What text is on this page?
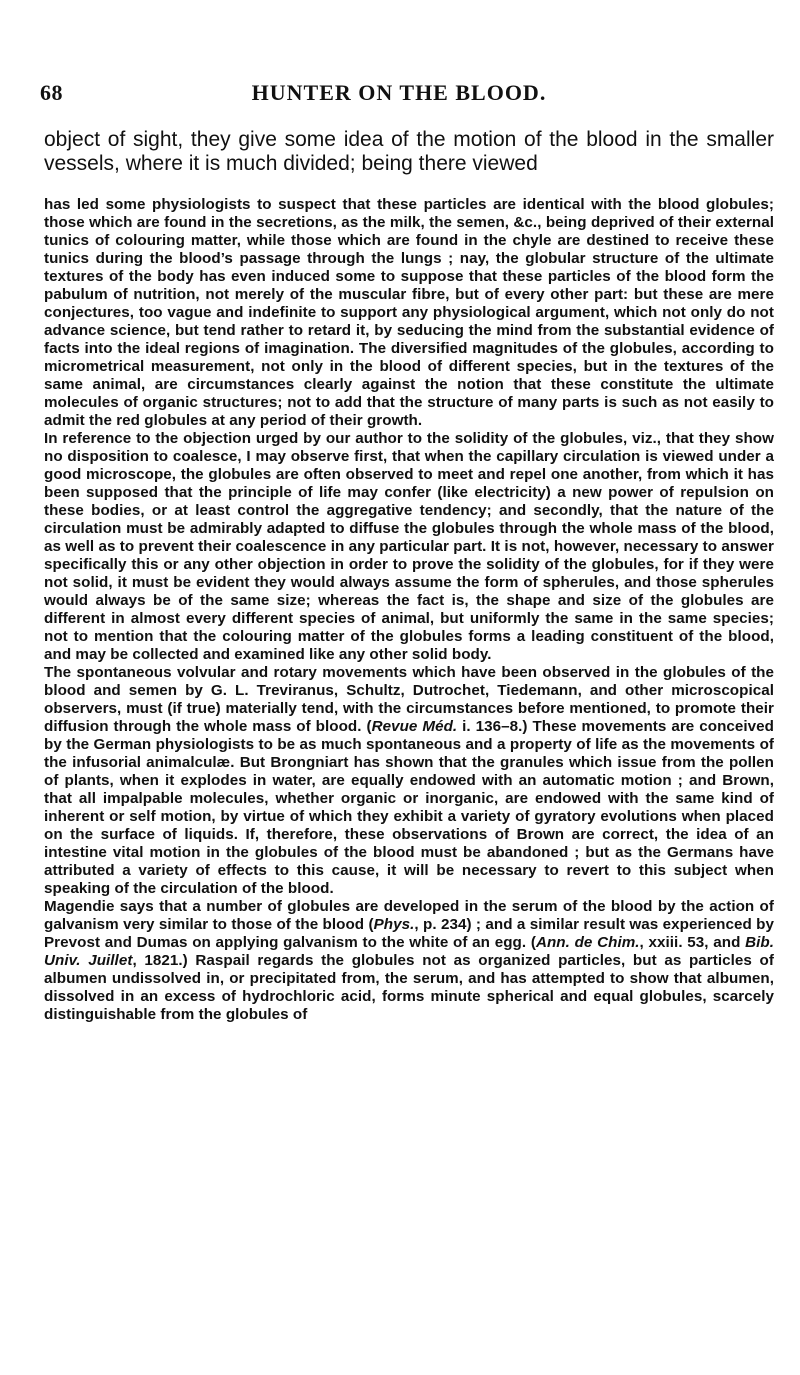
68	HUNTER ON THE BLOOD.

object of sight, they give some idea of the motion of the blood in the smaller vessels, where it is much divided; being there viewed

has led some physiologists to suspect that these particles are identical with the blood globules; those which are found in the secretions, as the milk, the semen, &c., being deprived of their external tunics of colouring matter, while those which are found in the chyle are destined to receive these tunics during the blood’s passage through the lungs ; nay, the globular structure of the ultimate textures of the body has even induced some to suppose that these particles of the blood form the pabulum of nutrition, not merely of the muscular fibre, but of every other part: but these are mere conjectures, too vague and indefinite to support any physiological argument, which not only do not advance science, but tend rather to retard it, by seducing the mind from the substantial evidence of facts into the ideal regions of imagination. The diversified magnitudes of the globules, according to micrometrical measurement, not only in the blood of different species, but in the textures of the same animal, are circumstances clearly against the notion that these constitute the ultimate molecules of organic structures; not to add that the structure of many parts is such as not easily to admit the red globules at any period of their growth.

In reference to the objection urged by our author to the solidity of the globules, viz., that they show no disposition to coalesce, I may observe first, that when the capillary circulation is viewed under a good microscope, the globules are often observed to meet and repel one another, from which it has been supposed that the principle of life may confer (like electricity) a new power of repulsion on these bodies, or at least control the aggregative tendency; and secondly, that the nature of the circulation must be admirably adapted to diffuse the globules through the whole mass of the blood, as well as to prevent their coalescence in any particular part. It is not, however, necessary to answer specifically this or any other objection in order to prove the solidity of the globules, for if they were not solid, it must be evident they would always assume the form of spherules, and those spherules would always be of the same size; whereas the fact is, the shape and size of the globules are different in almost every different species of animal, but uniformly the same in the same species; not to mention that the colouring matter of the globules forms a leading constituent of the blood, and may be collected and examined like any other solid body.

The spontaneous volvular and rotary movements which have been observed in the globules of the blood and semen by G. L. Treviranus, Schultz, Dutrochet, Tiedemann, and other microscopical observers, must (if true) materially tend, with the circumstances before mentioned, to promote their diffusion through the whole mass of blood. (Revue Méd. i. 136–8.) These movements are conceived by the German physiologists to be as much spontaneous and a property of life as the movements of the infusorial animalculæ. But Brongniart has shown that the granules which issue from the pollen of plants, when it explodes in water, are equally endowed with an automatic motion ; and Brown, that all impalpable molecules, whether organic or inorganic, are endowed with the same kind of inherent or self motion, by virtue of which they exhibit a variety of gyratory evolutions when placed on the surface of liquids. If, therefore, these observations of Brown are correct, the idea of an intestine vital motion in the globules of the blood must be abandoned ; but as the Germans have attributed a variety of effects to this cause, it will be necessary to revert to this subject when speaking of the circulation of the blood.

Magendie says that a number of globules are developed in the serum of the blood by the action of galvanism very similar to those of the blood (Phys., p. 234) ; and a similar result was experienced by Prevost and Dumas on applying galvanism to the white of an egg. (Ann. de Chim., xxiii. 53, and Bib. Univ. Juillet, 1821.) Raspail regards the globules not as organized particles, but as particles of albumen undissolved in, or precipitated from, the serum, and has attempted to show that albumen, dissolved in an excess of hydrochloric acid, forms minute spherical and equal globules, scarcely distinguishable from the globules of
